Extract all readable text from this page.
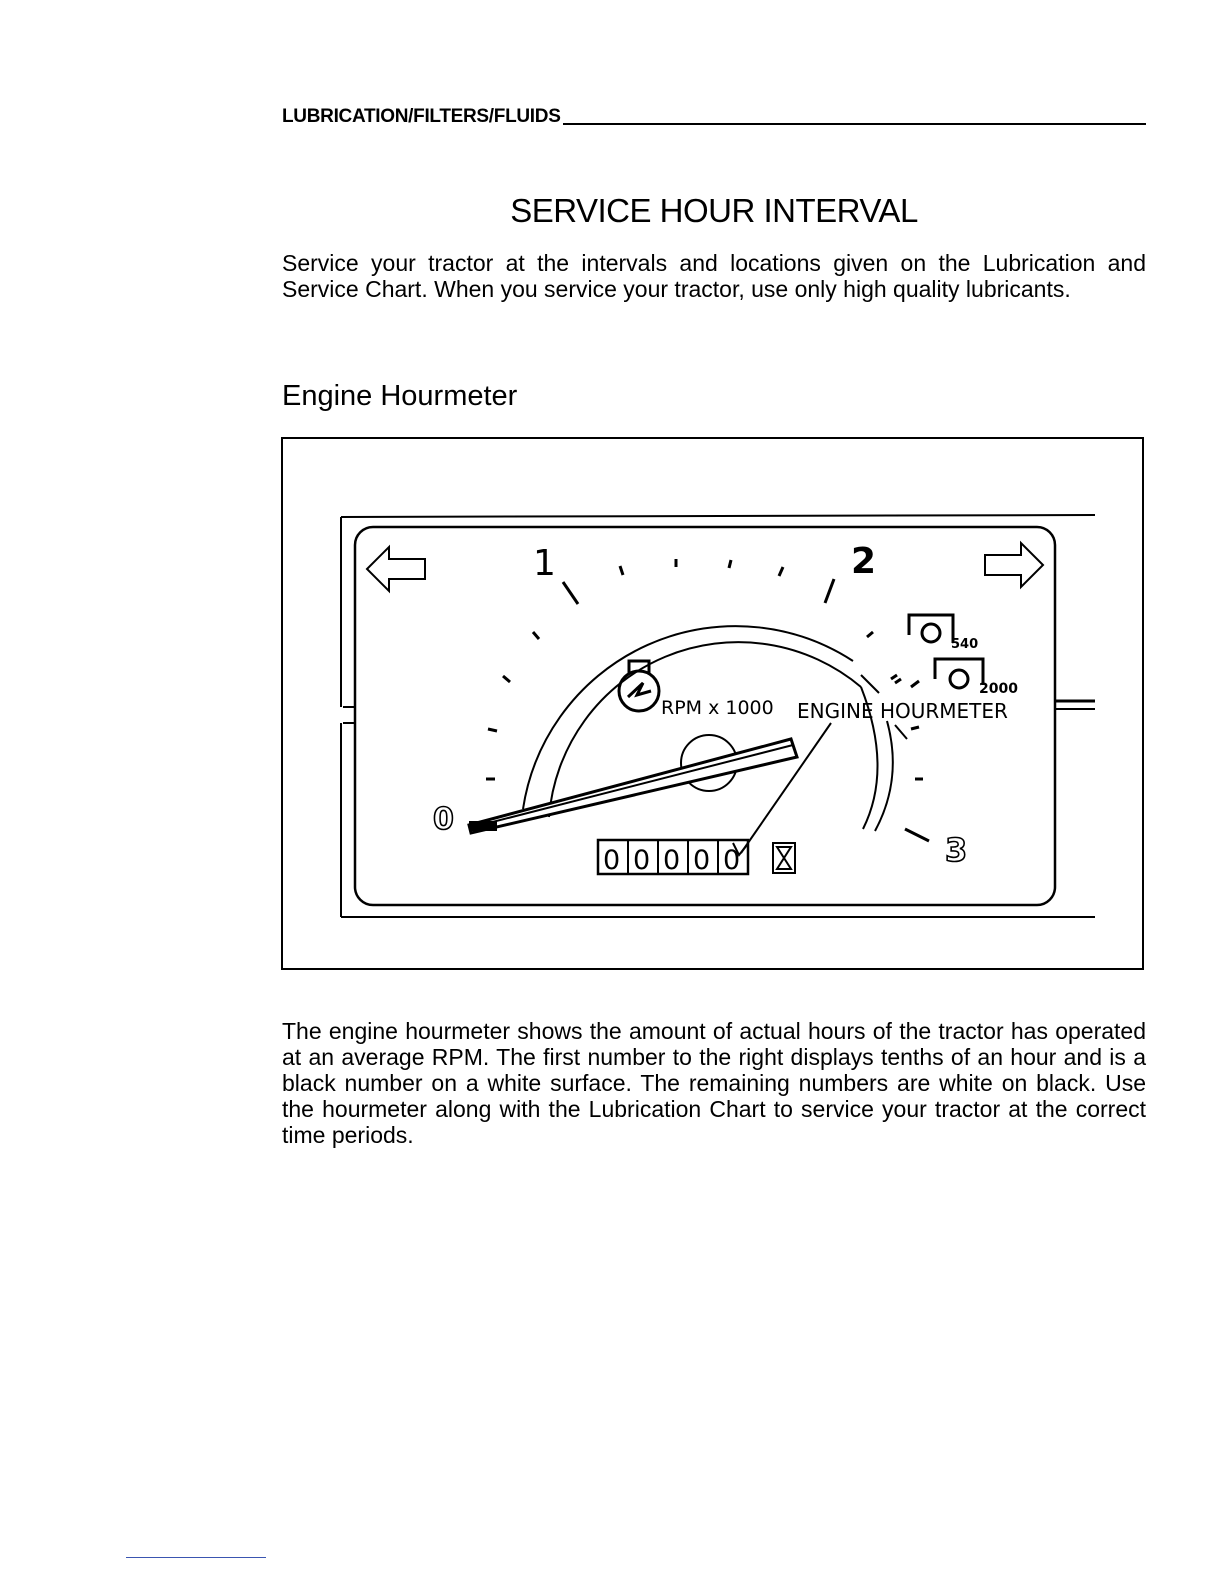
LUBRICATION/FILTERS/FLUIDS
SERVICE HOUR INTERVAL
Service your tractor at the intervals and locations given on the Lubrication and Service Chart. When you service your tractor, use only high quality lubricants.
Engine Hourmeter
0
1	2
3
RPM x 1000 ENGINE HOURMETER
540
2000
0 0 0 0 0
The engine hourmeter shows the amount of actual hours of the tractor has operated at an average RPM. The first number to the right displays tenths of an hour and is a black number on a white surface. The remaining numbers are white on black. Use the hourmeter along with the Lubrication Chart to service your tractor at the correct time periods.
